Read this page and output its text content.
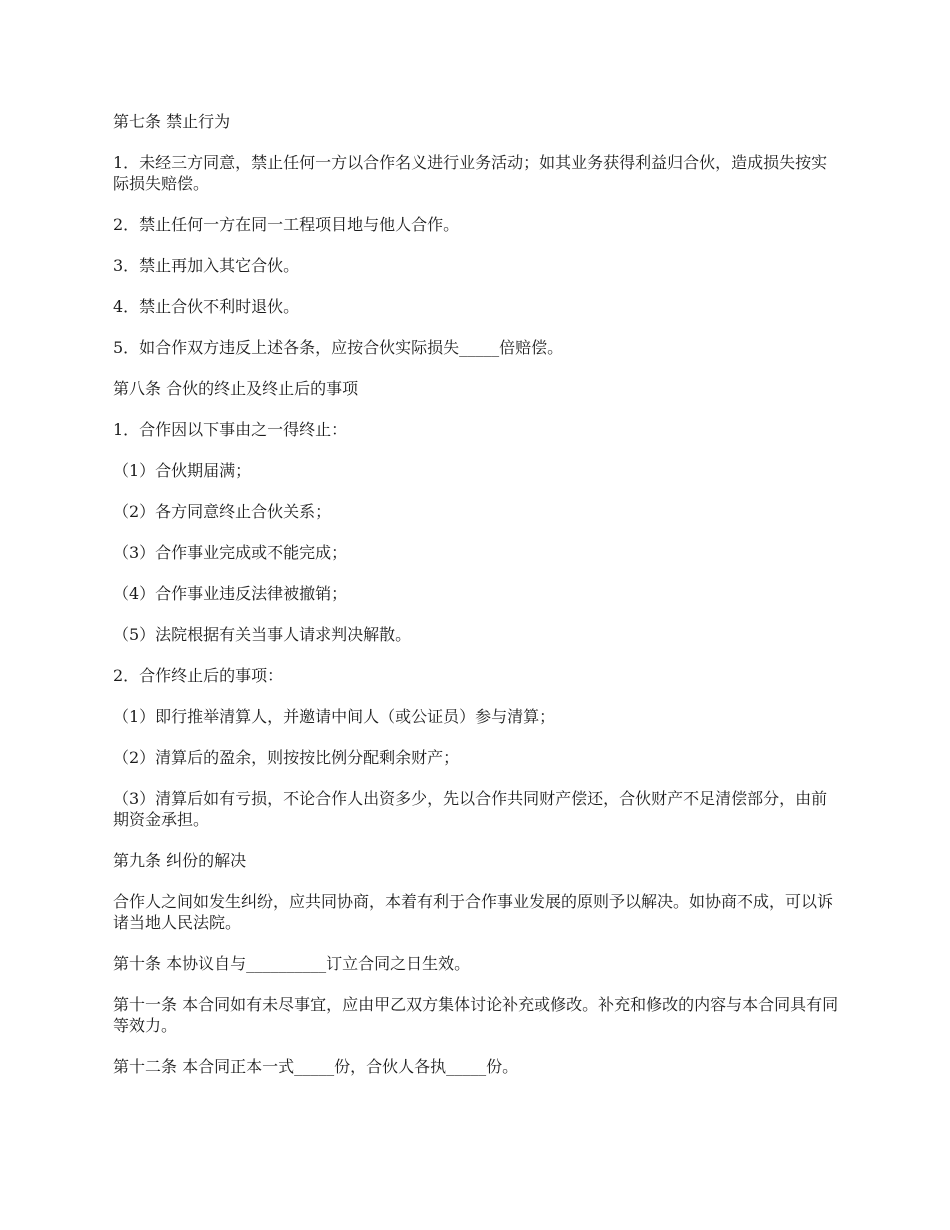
第七条 禁止行为

1．未经三方同意，禁止任何一方以合作名义进行业务活动；如其业务获得利益归合伙，造成损失按实际损失赔偿。

2．禁止任何一方在同一工程项目地与他人合作。

3．禁止再加入其它合伙。

4．禁止合伙不利时退伙。

5．如合作双方违反上述各条，应按合伙实际损失_____倍赔偿。

第八条 合伙的终止及终止后的事项

1．合作因以下事由之一得终止：

（1）合伙期届满；

（2）各方同意终止合伙关系；

（3）合作事业完成或不能完成；

（4）合作事业违反法律被撤销；

（5）法院根据有关当事人请求判决解散。

2．合作终止后的事项：

（1）即行推举清算人，并邀请中间人（或公证员）参与清算；

（2）清算后的盈余，则按按比例分配剩余财产；

（3）清算后如有亏损，不论合作人出资多少，先以合作共同财产偿还，合伙财产不足清偿部分，由前期资金承担。

第九条 纠份的解决

合作人之间如发生纠纷，应共同协商，本着有利于合作事业发展的原则予以解决。如协商不成，可以诉诸当地人民法院。

第十条 本协议自与__________订立合同之日生效。

第十一条 本合同如有未尽事宜，应由甲乙双方集体讨论补充或修改。补充和修改的内容与本合同具有同等效力。

第十二条 本合同正本一式_____份，合伙人各执_____份。
